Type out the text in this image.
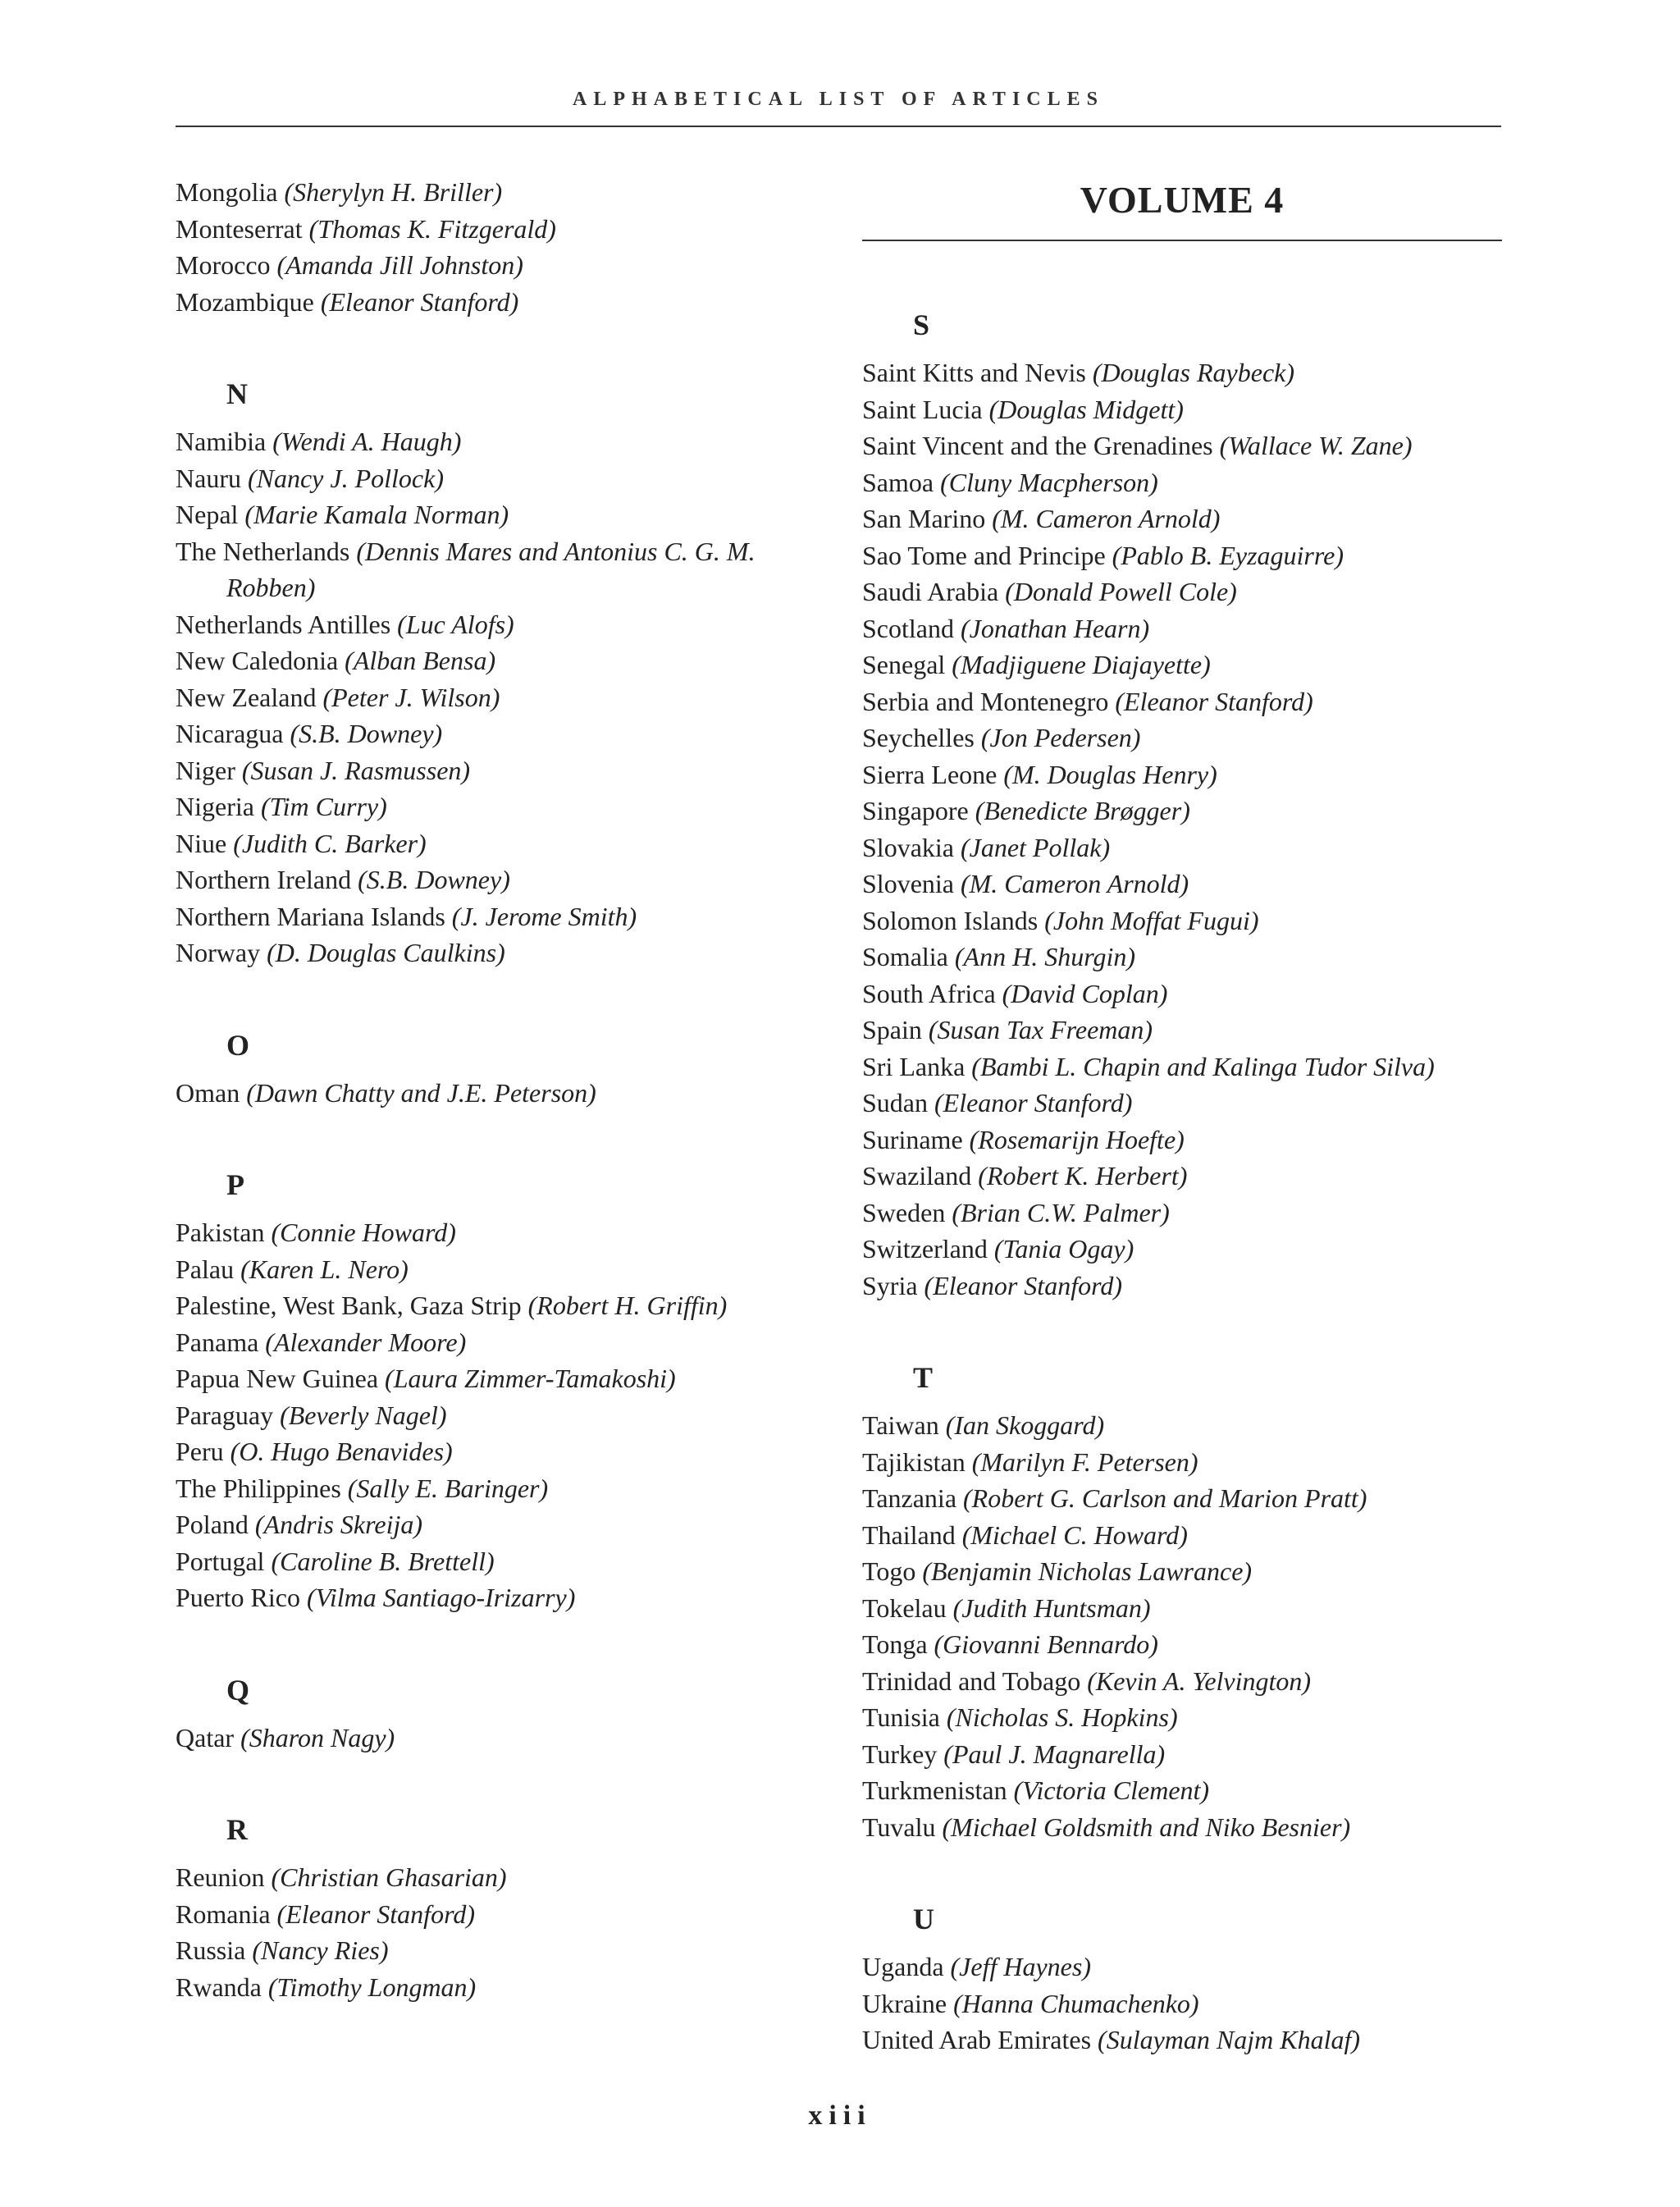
ALPHABETICAL LIST OF ARTICLES
Mongolia (Sherylyn H. Briller)
Monteserrat (Thomas K. Fitzgerald)
Morocco (Amanda Jill Johnston)
Mozambique (Eleanor Stanford)
N
Namibia (Wendi A. Haugh)
Nauru (Nancy J. Pollock)
Nepal (Marie Kamala Norman)
The Netherlands (Dennis Mares and Antonius C. G. M. Robben)
Netherlands Antilles (Luc Alofs)
New Caledonia (Alban Bensa)
New Zealand (Peter J. Wilson)
Nicaragua (S.B. Downey)
Niger (Susan J. Rasmussen)
Nigeria (Tim Curry)
Niue (Judith C. Barker)
Northern Ireland (S.B. Downey)
Northern Mariana Islands (J. Jerome Smith)
Norway (D. Douglas Caulkins)
O
Oman (Dawn Chatty and J.E. Peterson)
P
Pakistan (Connie Howard)
Palau (Karen L. Nero)
Palestine, West Bank, Gaza Strip (Robert H. Griffin)
Panama (Alexander Moore)
Papua New Guinea (Laura Zimmer-Tamakoshi)
Paraguay (Beverly Nagel)
Peru (O. Hugo Benavides)
The Philippines (Sally E. Baringer)
Poland (Andris Skreija)
Portugal (Caroline B. Brettell)
Puerto Rico (Vilma Santiago-Irizarry)
Q
Qatar (Sharon Nagy)
R
Reunion (Christian Ghasarian)
Romania (Eleanor Stanford)
Russia (Nancy Ries)
Rwanda (Timothy Longman)
VOLUME 4
S
Saint Kitts and Nevis (Douglas Raybeck)
Saint Lucia (Douglas Midgett)
Saint Vincent and the Grenadines (Wallace W. Zane)
Samoa (Cluny Macpherson)
San Marino (M. Cameron Arnold)
Sao Tome and Principe (Pablo B. Eyzaguirre)
Saudi Arabia (Donald Powell Cole)
Scotland (Jonathan Hearn)
Senegal (Madjiguene Diajayette)
Serbia and Montenegro (Eleanor Stanford)
Seychelles (Jon Pedersen)
Sierra Leone (M. Douglas Henry)
Singapore (Benedicte Brøgger)
Slovakia (Janet Pollak)
Slovenia (M. Cameron Arnold)
Solomon Islands (John Moffat Fugui)
Somalia (Ann H. Shurgin)
South Africa (David Coplan)
Spain (Susan Tax Freeman)
Sri Lanka (Bambi L. Chapin and Kalinga Tudor Silva)
Sudan (Eleanor Stanford)
Suriname (Rosemarijn Hoefte)
Swaziland (Robert K. Herbert)
Sweden (Brian C.W. Palmer)
Switzerland (Tania Ogay)
Syria (Eleanor Stanford)
T
Taiwan (Ian Skoggard)
Tajikistan (Marilyn F. Petersen)
Tanzania (Robert G. Carlson and Marion Pratt)
Thailand (Michael C. Howard)
Togo (Benjamin Nicholas Lawrance)
Tokelau (Judith Huntsman)
Tonga (Giovanni Bennardo)
Trinidad and Tobago (Kevin A. Yelvington)
Tunisia (Nicholas S. Hopkins)
Turkey (Paul J. Magnarella)
Turkmenistan (Victoria Clement)
Tuvalu (Michael Goldsmith and Niko Besnier)
U
Uganda (Jeff Haynes)
Ukraine (Hanna Chumachenko)
United Arab Emirates (Sulayman Najm Khalaf)
xiii
